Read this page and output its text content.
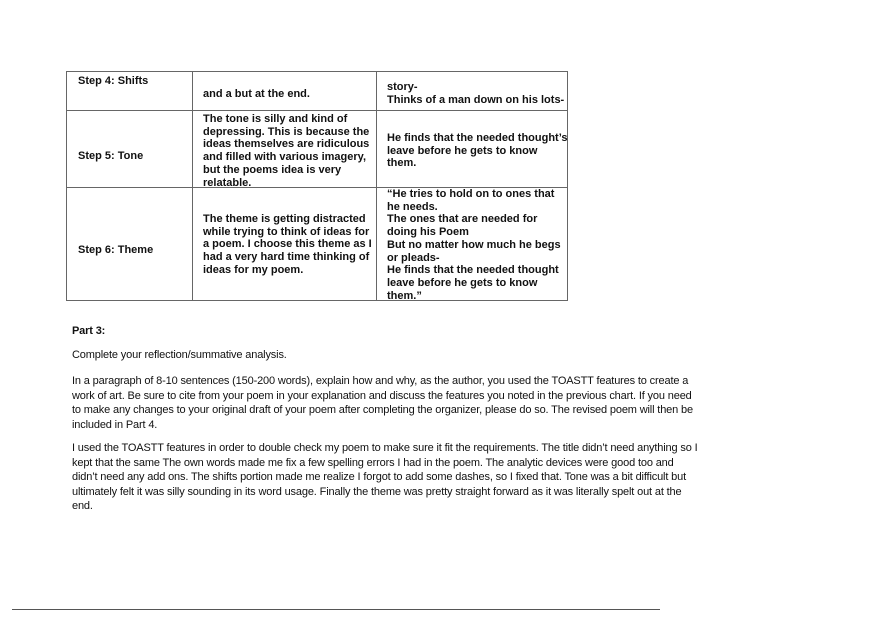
Step 4: Shifts
and a but at the end.
story-
Thinks of a man down on his lots-
Step 5: Tone
The tone is silly and kind of
depressing. This is because the
ideas themselves are ridiculous
and filled with various imagery,
but the poems idea is very
relatable.
He finds that the needed thought’s
leave before he gets to know
them.
Step 6: Theme
The theme is getting distracted
while trying to think of ideas for
a poem. I choose this theme as I
had a very hard time thinking of
ideas for my poem.
“He tries to hold on to ones that
he needs.
The ones that are needed for
doing his Poem
But no matter how much he begs
or pleads-
He finds that the needed thought
leave before he gets to know
them.”
Part 3:
Complete your reflection/summative analysis.
In a paragraph of 8-10 sentences (150-200 words), explain how and why, as the author, you used the TOASTT features to create a
work of art. Be sure to cite from your poem in your explanation and discuss the features you noted in the previous chart. If you need
to make any changes to your original draft of your poem after completing the organizer, please do so. The revised poem will then be
included in Part 4.
I used the TOASTT features in order to double check my poem to make sure it fit the requirements. The title didn’t need anything so I
kept that the same The own words made me fix a few spelling errors I had in the poem. The analytic devices were good too and
didn’t need any add ons. The shifts portion made me realize I forgot to add some dashes, so I fixed that. Tone was a bit difficult but
ultimately felt it was silly sounding in its word usage. Finally the theme was pretty straight forward as it was literally spelt out at the
end.
